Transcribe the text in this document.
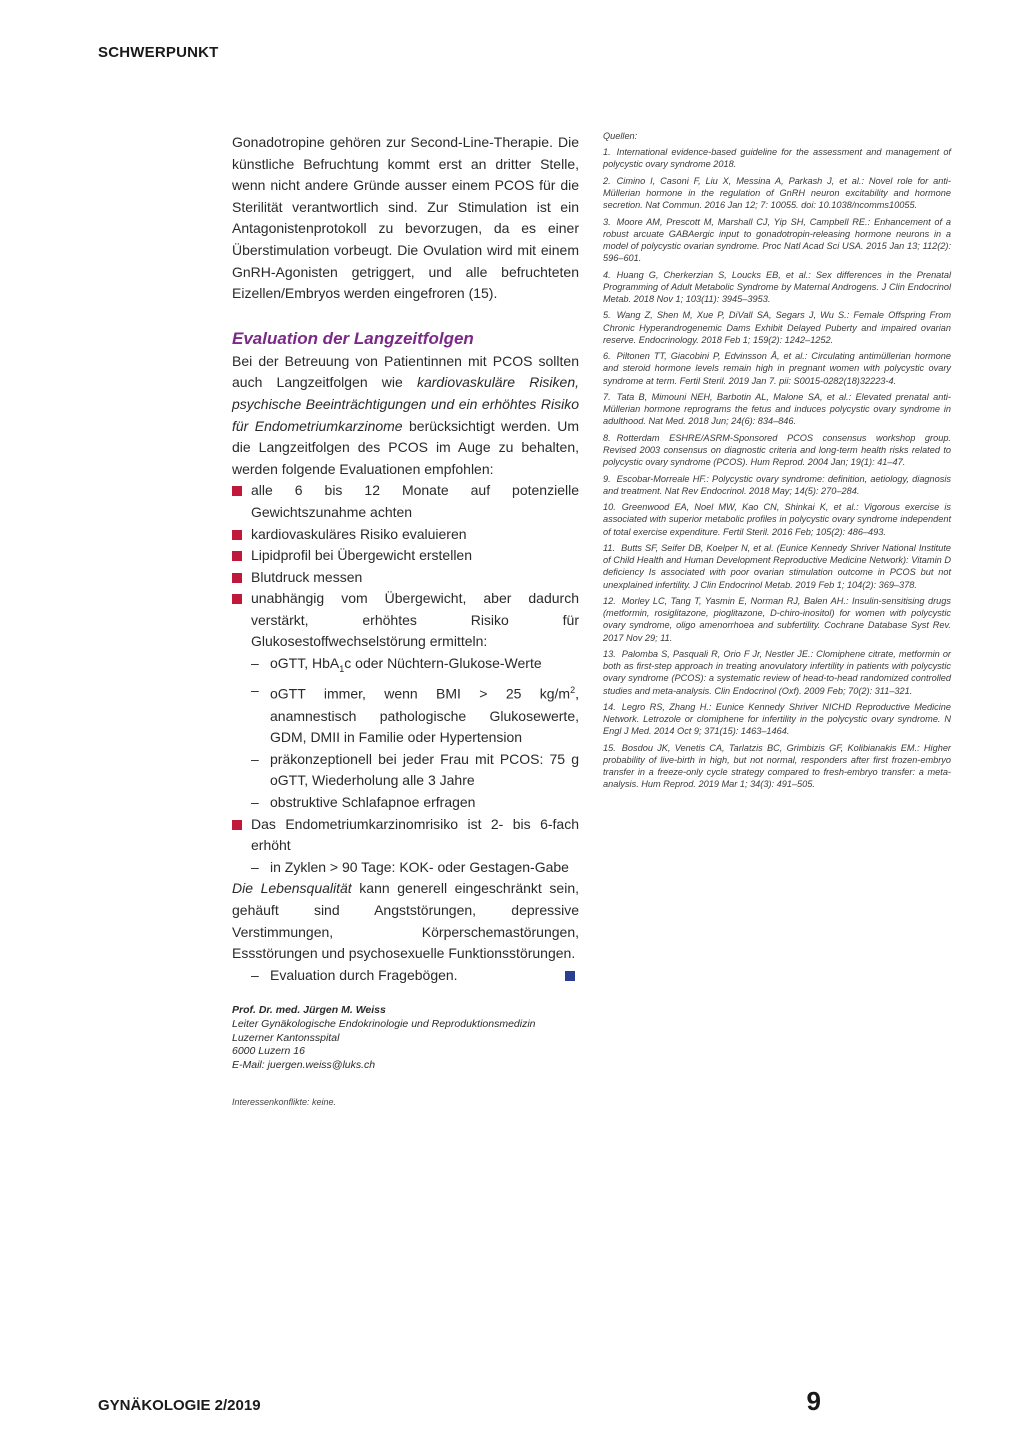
SCHWERPUNKT

Gonadotropine gehören zur Second-Line-Therapie. Die künstliche Befruchtung kommt erst an dritter Stelle, wenn nicht andere Gründe ausser einem PCOS für die Sterilität verantwortlich sind. Zur Stimulation ist ein Antagonistenprotokoll zu bevorzugen, da es einer Überstimulation vorbeugt. Die Ovulation wird mit einem GnRH-Agonisten getriggert, und alle befruchteten Eizellen/Embryos werden eingefroren (15).

Evaluation der Langzeitfolgen

Bei der Betreuung von Patientinnen mit PCOS sollten auch Langzeitfolgen wie kardiovaskuläre Risiken, psychische Beeinträchtigungen und ein erhöhtes Risiko für Endometriumkarzinome berücksichtigt werden. Um die Langzeitfolgen des PCOS im Auge zu behalten, werden folgende Evaluationen empfohlen:

alle 6 bis 12 Monate auf potenzielle Gewichtszunahme achten
kardiovaskuläres Risiko evaluieren
Lipidprofil bei Übergewicht erstellen
Blutdruck messen
unabhängig vom Übergewicht, aber dadurch verstärkt, erhöhtes Risiko für Glukosestoffwechselstörung ermitteln:
– oGTT, HbA$_1$c oder Nüchtern-Glukose-Werte
– oGTT immer, wenn BMI > 25 $kg/m^2$, anamnestisch pathologische Glukosewerte, GDM, DMII in Familie oder Hypertension
– präkonzeptionell bei jeder Frau mit PCOS: 75 g oGTT, Wiederholung alle 3 Jahre
– obstruktive Schlafapnoe erfragen
Das Endometriumkarzinomrisiko ist 2- bis 6-fach erhöht
– in Zyklen > 90 Tage: KOK- oder Gestagen-Gabe

Die Lebensqualität kann generell eingeschränkt sein, gehäuft sind Angststörungen, depressive Verstimmungen, Körperschemastörungen, Essstörungen und psychosexuelle Funktionsstörungen.

– Evaluation durch Fragebögen.
Prof. Dr. med. Jürgen M. Weiss
Leiter Gynäkologische Endokrinologie und Reproduktionsmedizin
Luzerner Kantonsspital
6000 Luzern 16
E-Mail: juergen.weiss@luks.ch
Interessenkonflikte: keine.
Quellen:

1. International evidence-based guideline for the assessment and management of polycystic ovary syndrome 2018.

2. Cimino I, Casoni F, Liu X, Messina A, Parkash J, et al.: Novel role for anti-Müllerian hormone in the regulation of GnRH neuron excitability and hormone secretion. Nat Commun. 2016 Jan 12; 7: 10055. doi: 10.1038/ncomms10055.

3. Moore AM, Prescott M, Marshall CJ, Yip SH, Campbell RE.: Enhancement of a robust arcuate GABAergic input to gonadotropin-releasing hormone neurons in a model of polycystic ovarian syndrome. Proc Natl Acad Sci USA. 2015 Jan 13; 112(2): 596–601.

4. Huang G, Cherkerzian S, Loucks EB, et al.: Sex differences in the Prenatal Programming of Adult Metabolic Syndrome by Maternal Androgens. J Clin Endocrinol Metab. 2018 Nov 1; 103(11): 3945–3953.

5. Wang Z, Shen M, Xue P, DiVall SA, Segars J, Wu S.: Female Offspring From Chronic Hyperandrogenemic Dams Exhibit Delayed Puberty and impaired ovarian reserve. Endocrinology. 2018 Feb 1; 159(2): 1242–1252.

6. Piltonen TT, Giacobini P, Edvinsson Å, et al.: Circulating antimüllerian hormone and steroid hormone levels remain high in pregnant women with polycystic ovary syndrome at term. Fertil Steril. 2019 Jan 7. pii: S0015-0282(18)32223-4.

7. Tata B, Mimouni NEH, Barbotin AL, Malone SA, et al.: Elevated prenatal anti-Müllerian hormone reprograms the fetus and induces polycystic ovary syndrome in adulthood. Nat Med. 2018 Jun; 24(6): 834–846.

8. Rotterdam ESHRE/ASRM-Sponsored PCOS consensus workshop group. Revised 2003 consensus on diagnostic criteria and long-term health risks related to polycystic ovary syndrome (PCOS). Hum Reprod. 2004 Jan; 19(1): 41–47.

9. Escobar-Morreale HF.: Polycystic ovary syndrome: definition, aetiology, diagnosis and treatment. Nat Rev Endocrinol. 2018 May; 14(5): 270–284.

10. Greenwood EA, Noel MW, Kao CN, Shinkai K, et al.: Vigorous exercise is associated with superior metabolic profiles in polycystic ovary syndrome independent of total exercise expenditure. Fertil Steril. 2016 Feb; 105(2): 486–493.

11. Butts SF, Seifer DB, Koelper N, et al. (Eunice Kennedy Shriver National Institute of Child Health and Human Development Reproductive Medicine Network): Vitamin D deficiency Is associated with poor ovarian stimulation outcome in PCOS but not unexplained infertility. J Clin Endocrinol Metab. 2019 Feb 1; 104(2): 369–378.

12. Morley LC, Tang T, Yasmin E, Norman RJ, Balen AH.: Insulin-sensitising drugs (metformin, rosiglitazone, pioglitazone, D-chiro-inositol) for women with polycystic ovary syndrome, oligo amenorrhoea and subfertility. Cochrane Database Syst Rev. 2017 Nov 29; 11.

13. Palomba S, Pasquali R, Orio F Jr, Nestler JE.: Clomiphene citrate, metformin or both as first-step approach in treating anovulatory infertility in patients with polycystic ovary syndrome (PCOS): a systematic review of head-to-head randomized controlled studies and meta-analysis. Clin Endocrinol (Oxf). 2009 Feb; 70(2): 311–321.

14. Legro RS, Zhang H.: Eunice Kennedy Shriver NICHD Reproductive Medicine Network. Letrozole or clomiphene for infertility in the polycystic ovary syndrome. N Engl J Med. 2014 Oct 9; 371(15): 1463–1464.

15. Bosdou JK, Venetis CA, Tarlatzis BC, Grimbizis GF, Kolibianakis EM.: Higher probability of live-birth in high, but not normal, responders after first frozen-embryo transfer in a freeze-only cycle strategy compared to fresh-embryo transfer: a meta-analysis. Hum Reprod. 2019 Mar 1; 34(3): 491–505.

GYNÄKOLOGIE 2/2019	9
